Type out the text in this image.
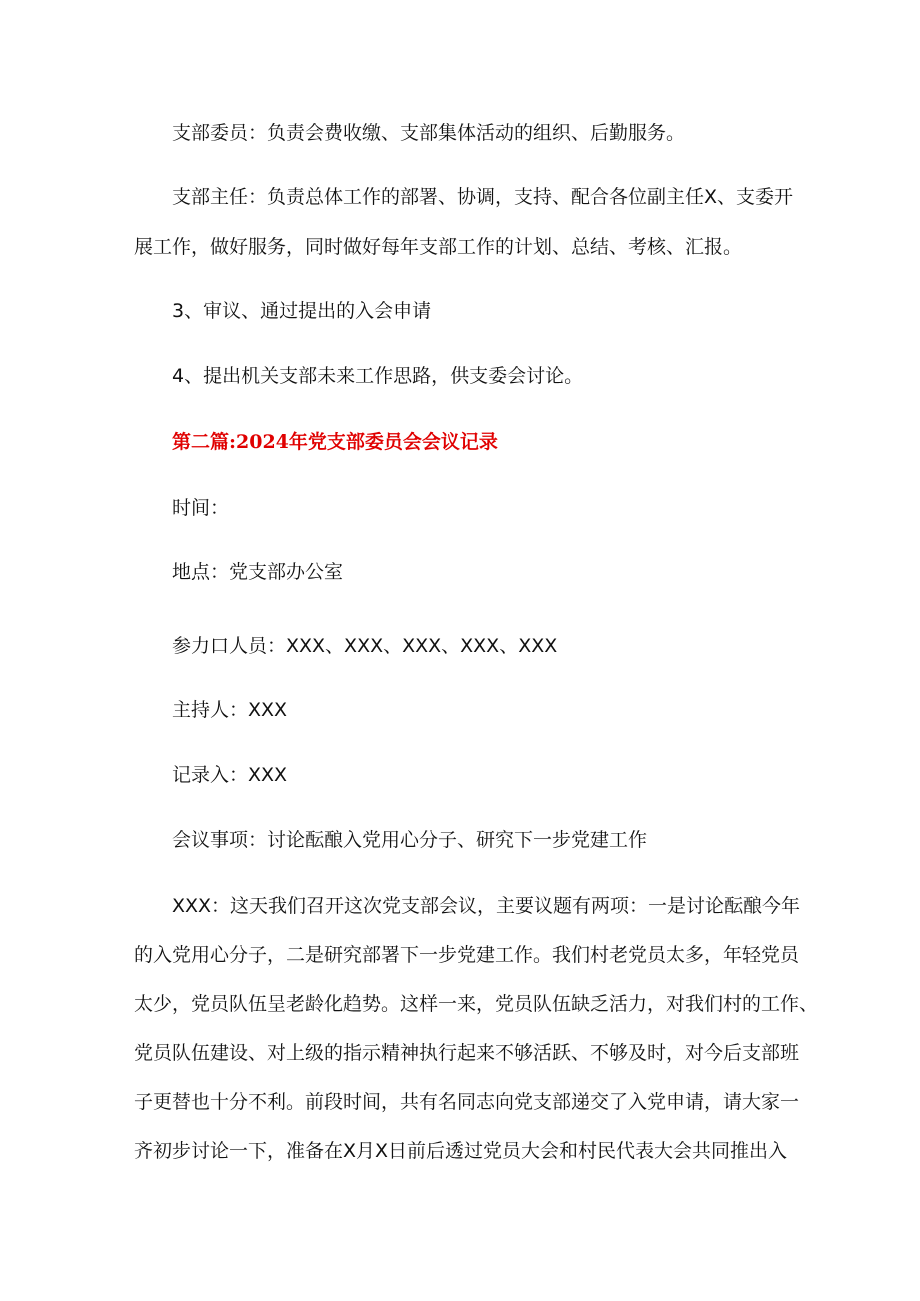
支部委员：负责会费收缴、支部集体活动的组织、后勤服务。
支部主任：负责总体工作的部署、协调，支持、配合各位副主任X、支委开
展工作，做好服务，同时做好每年支部工作的计划、总结、考核、汇报。
3、审议、通过提出的入会申请
4、提出机关支部未来工作思路，供支委会讨论。
第二篇:2024年党支部委员会会议记录
时间：
地点：党支部办公室
参力口人员：XXX、XXX、XXX、XXX、XXX
主持人：XXX
记录入：XXX
会议事项：讨论酝酿入党用心分子、研究下一步党建工作
XXX：这天我们召开这次党支部会议，主要议题有两项：一是讨论酝酿今年
的入党用心分子，二是研究部署下一步党建工作。我们村老党员太多，年轻党员
太少，党员队伍呈老龄化趋势。这样一来，党员队伍缺乏活力，对我们村的工作、
党员队伍建设、对上级的指示精神执行起来不够活跃、不够及时，对今后支部班
子更替也十分不利。前段时间，共有名同志向党支部递交了入党申请，请大家一
齐初步讨论一下，准备在X月X日前后透过党员大会和村民代表大会共同推出入
